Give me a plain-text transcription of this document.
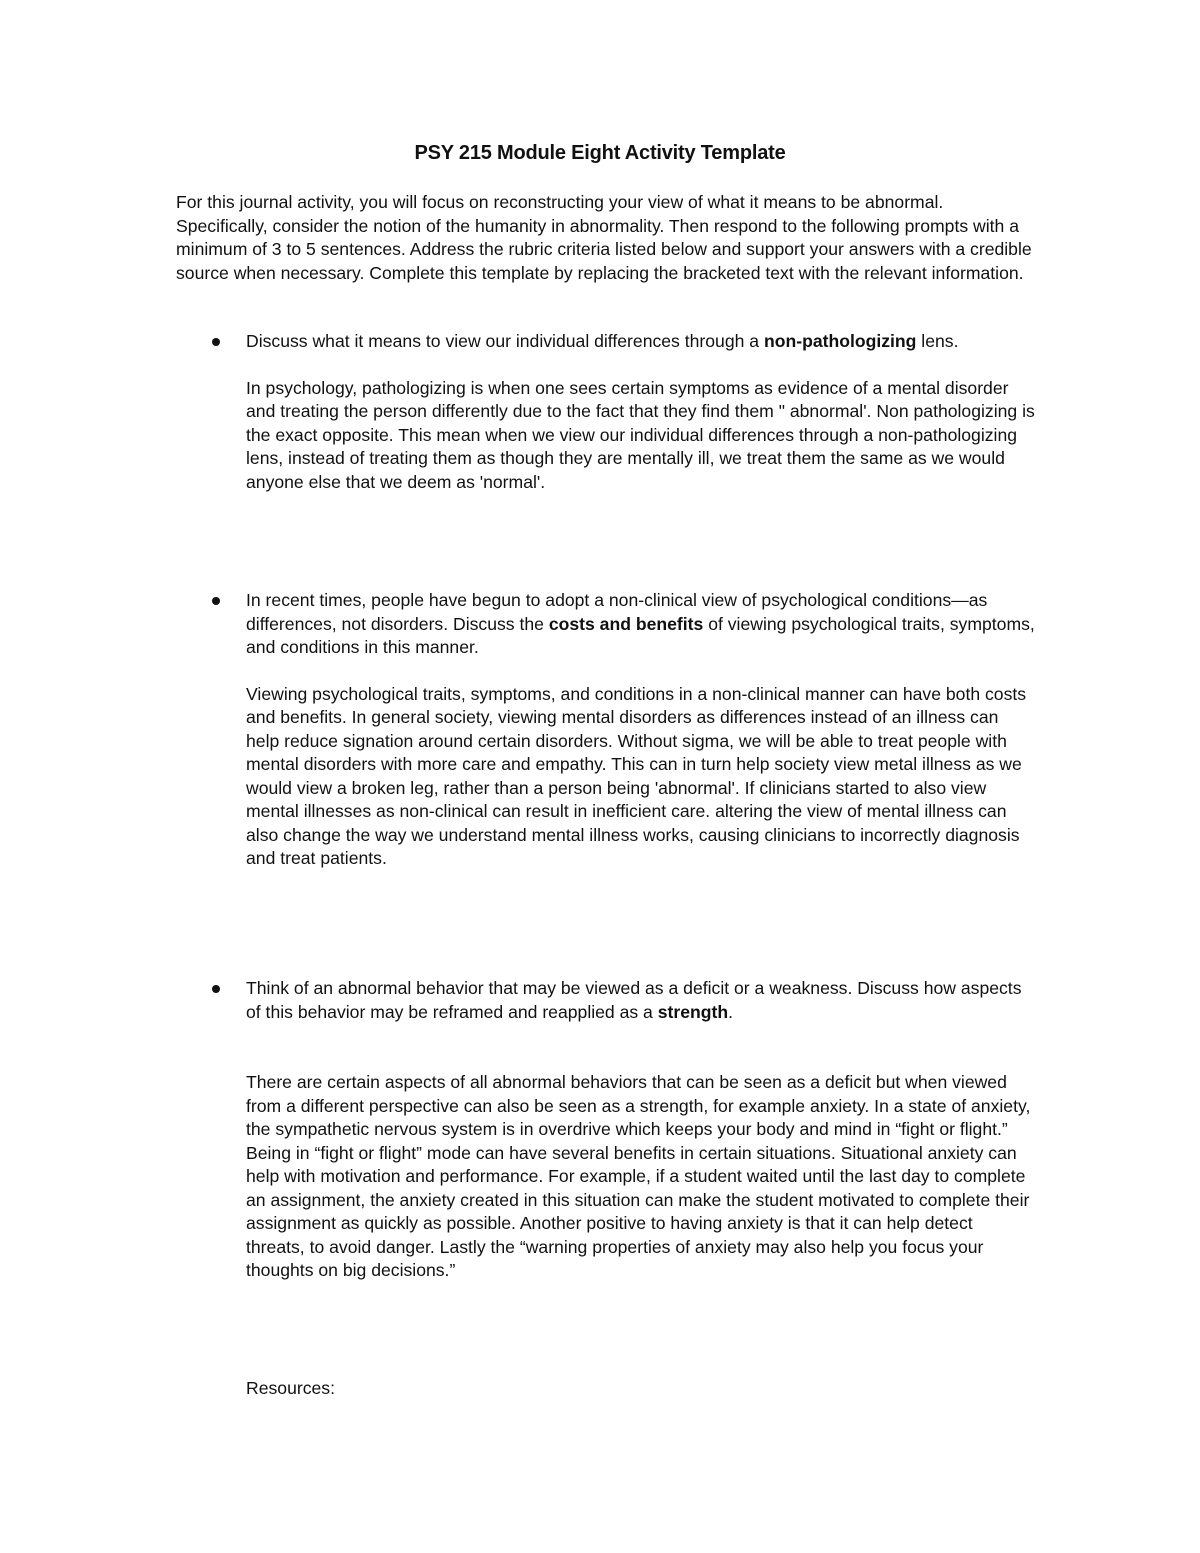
PSY 215 Module Eight Activity Template
For this journal activity, you will focus on reconstructing your view of what it means to be abnormal. Specifically, consider the notion of the humanity in abnormality. Then respond to the following prompts with a minimum of 3 to 5 sentences. Address the rubric criteria listed below and support your answers with a credible source when necessary. Complete this template by replacing the bracketed text with the relevant information.
Discuss what it means to view our individual differences through a non-pathologizing lens.
In psychology, pathologizing is when one sees certain symptoms as evidence of a mental disorder and treating the person differently due to the fact that they find them " abnormal'. Non pathologizing is the exact opposite. This mean when we view our individual differences through a non-pathologizing lens, instead of treating them as though they are mentally ill, we treat them the same as we would anyone else that we deem as 'normal'.
In recent times, people have begun to adopt a non-clinical view of psychological conditions—as differences, not disorders. Discuss the costs and benefits of viewing psychological traits, symptoms, and conditions in this manner.
Viewing psychological traits, symptoms, and conditions in a non-clinical manner can have both costs and benefits. In general society, viewing mental disorders as differences instead of an illness can help reduce signation around certain disorders. Without sigma, we will be able to treat people with mental disorders with more care and empathy. This can in turn help society view metal illness as we would view a broken leg, rather than a person being 'abnormal'. If clinicians started to also view mental illnesses as non-clinical can result in inefficient care. altering the view of mental illness can also change the way we understand mental illness works, causing clinicians to incorrectly diagnosis and treat patients.
Think of an abnormal behavior that may be viewed as a deficit or a weakness. Discuss how aspects of this behavior may be reframed and reapplied as a strength.
There are certain aspects of all abnormal behaviors that can be seen as a deficit but when viewed from a different perspective can also be seen as a strength, for example anxiety. In a state of anxiety, the sympathetic nervous system is in overdrive which keeps your body and mind in “fight or flight.” Being in “fight or flight” mode can have several benefits in certain situations. Situational anxiety can help with motivation and performance. For example, if a student waited until the last day to complete an assignment, the anxiety created in this situation can make the student motivated to complete their assignment as quickly as possible. Another positive to having anxiety is that it can help detect threats, to avoid danger. Lastly the “warning properties of anxiety may also help you focus your thoughts on big decisions.”
Resources:
